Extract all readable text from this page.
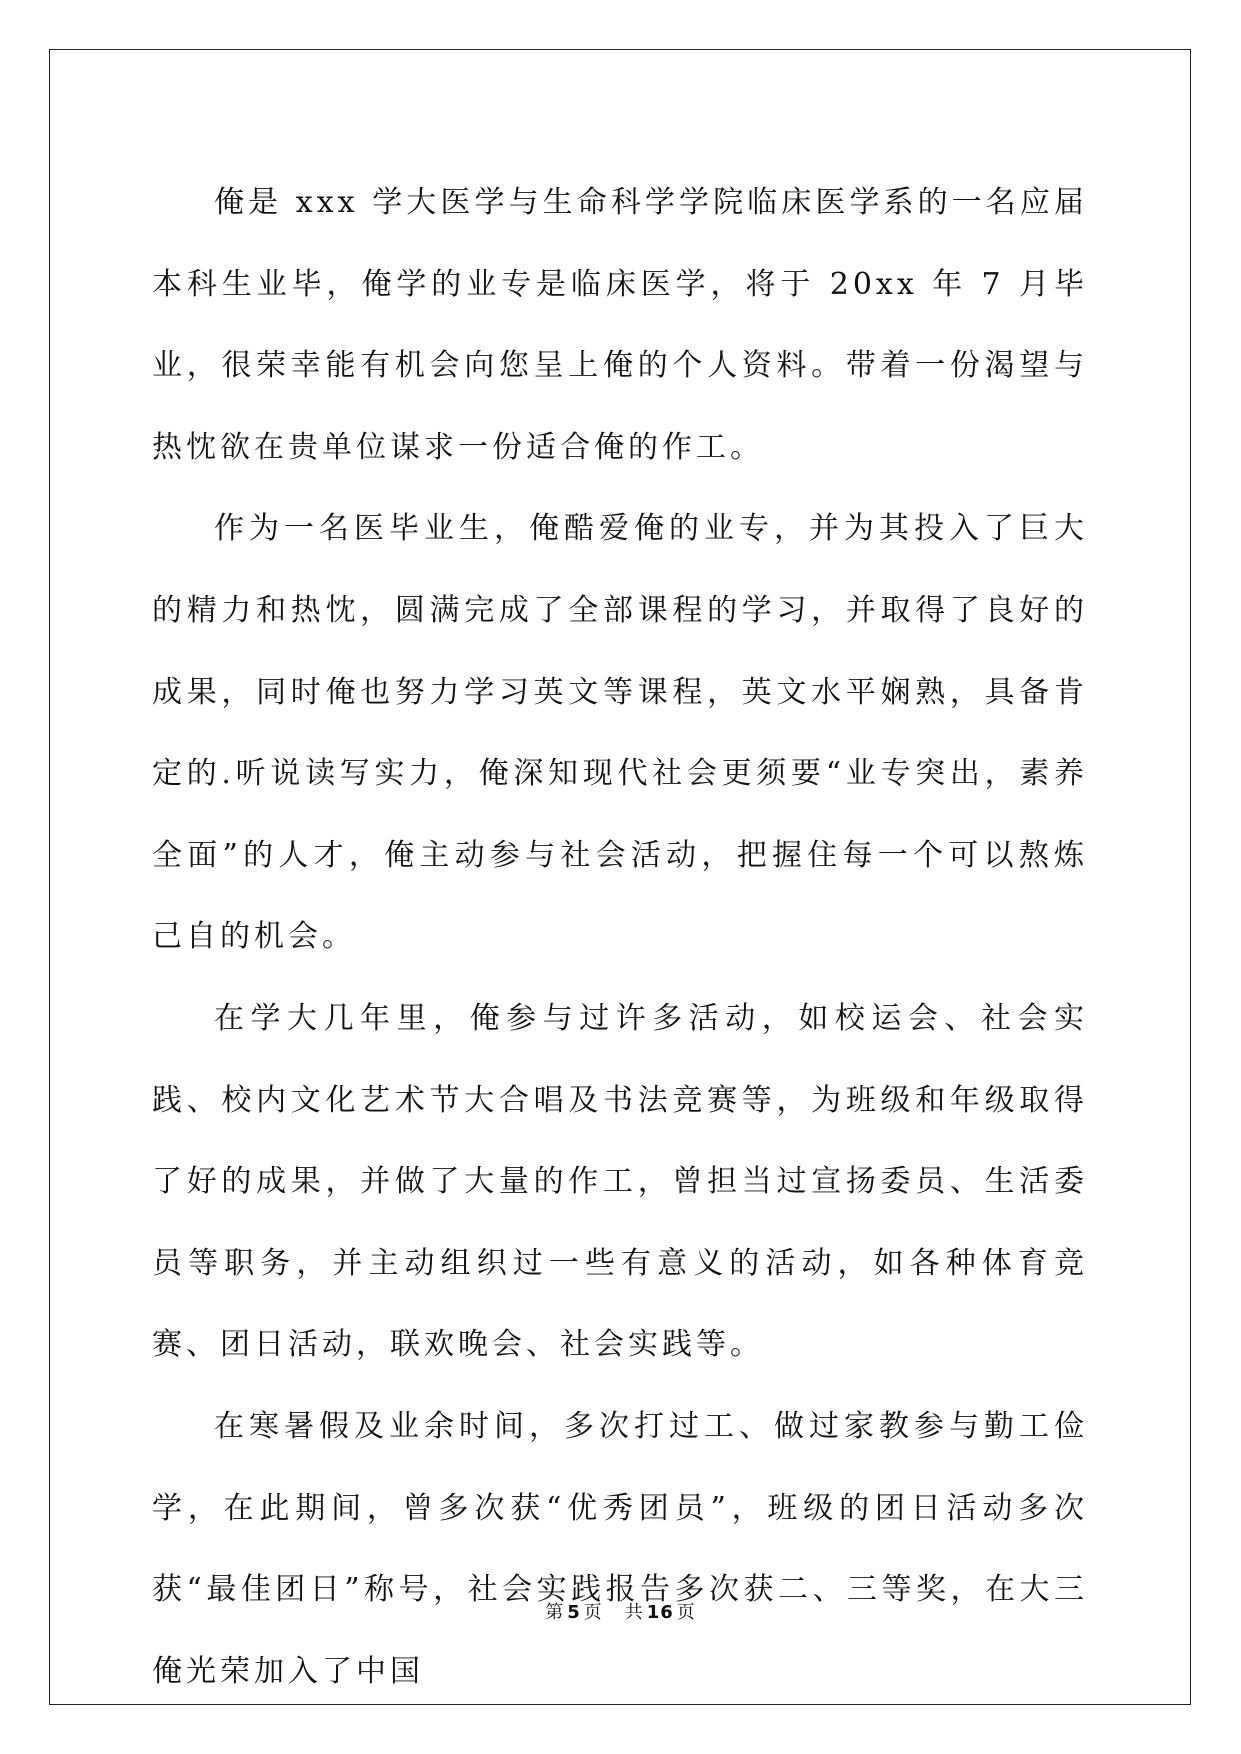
俺是 xxx 学大医学与生命科学学院临床医学系的一名应届本科生业毕，俺学的业专是临床医学，将于 20xx 年 7 月毕业，很荣幸能有机会向您呈上俺的个人资料。带着一份渴望与热忱欲在贵单位谋求一份适合俺的作工。

作为一名医毕业生，俺酷爱俺的业专，并为其投入了巨大的精力和热忱，圆满完成了全部课程的学习，并取得了良好的成果，同时俺也努力学习英文等课程，英文水平娴熟，具备肯定的.听说读写实力，俺深知现代社会更须要“业专突出，素养全面”的人才，俺主动参与社会活动，把握住每一个可以熬炼己自的机会。

在学大几年里，俺参与过许多活动，如校运会、社会实践、校内文化艺术节大合唱及书法竞赛等，为班级和年级取得了好的成果，并做了大量的作工，曾担当过宣扬委员、生活委员等职务，并主动组织过一些有意义的活动，如各种体育竞赛、团日活动，联欢晚会、社会实践等。

在寒暑假及业余时间，多次打过工、做过家教参与勤工俭学，在此期间，曾多次获“优秀团员”，班级的团日活动多次获“最佳团日”称号，社会实践报告多次获二、三等奖，在大三俺光荣加入了中国

第 5 页 共 16 页
